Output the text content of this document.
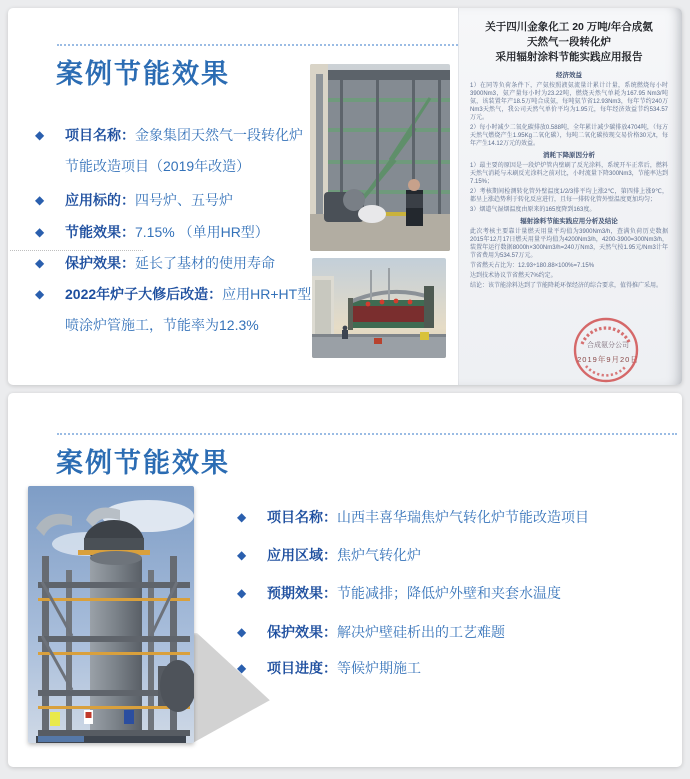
案例节能效果
◆	项目名称：金象集团天然气一段转化炉
节能改造项目（2019年改造）
◆	应用标的：四号炉、五号炉
◆	节能效果：7.15% （单用HR型）
◆	保护效果：延长了基材的使用寿命
◆	2022年炉子大修后改造：应用HR+HT型
喷涂炉管施工，节能率为12.3%
关于四川金象化工 20 万吨/年合成氨
天然气一段转化炉
采用辐射涂料节能实践应用报告
经济效益

1）在同等负荷条件下，产氨按照液氨流量计累计计量，系统燃烧每小时3900Nm3，氨产量每小时为23.22吨，燃烧天然气单耗为167.95 Nm3/吨氨，该装置年产18.5万吨合成氨，每吨氨节省12.93Nm3，每年节约240万Nm3天然气，我公司天然气单价平均为1.95元，每年经济效益节约534.57万元。

2）每小时减少二氧化碳排放0.588吨，全年累计减少碳排放4704吨，（每方天然气燃烧产生1.95Kg二氧化碳），每吨二氧化碳按现交易价格30元/t，每年产生14.12万元的效益。

消耗下降原因分析

1）最主要的原因是一段炉炉管内壁刷了反光涂料，系统开车正常后，燃料天然气消耗与未刷反光涂料之前对比，小时流量下降300Nm3，节能率达到7.15%；

2）考核期间检测转化管外壁温度1/2/3排平均上涨2℃，第四排上涨9℃，都呈上涨趋势利于转化反应进行，且每一排转化管外壁温度更加均匀；

3）烟道气湿烟温度由原来的165度降到163度。

辐射涂料节能实践应用分析及结论

此次考核主要靠计量燃天用量平均值为3900Nm3/h，查满负荷历史数据2015年12月17日燃天用量平均值为4200Nm3/h，4200-3900=300Nm3/h，装置年运行数据8000h×300Nm3/h=240万Nm3，天然气按1.95元/Nm3计年节省费用为534.57万元。

节省燃天占比为：12.93÷180.88×100%=7.15%

达到技术协议节省燃天7%约定。

结论：该节能涂料达到了节能降耗环保经济的综合要求，值得推广采用。

合成氨分公司
2019年9月20日
案例节能效果
◆	项目名称：山西丰喜华瑞焦炉气转化炉节能改造项目
◆	应用区域：焦炉气转化炉
◆	预期效果：节能减排；降低炉外壁和夹套水温度
◆	保护效果：解决炉壁硅析出的工艺难题
◆	项目进度：等候炉期施工
